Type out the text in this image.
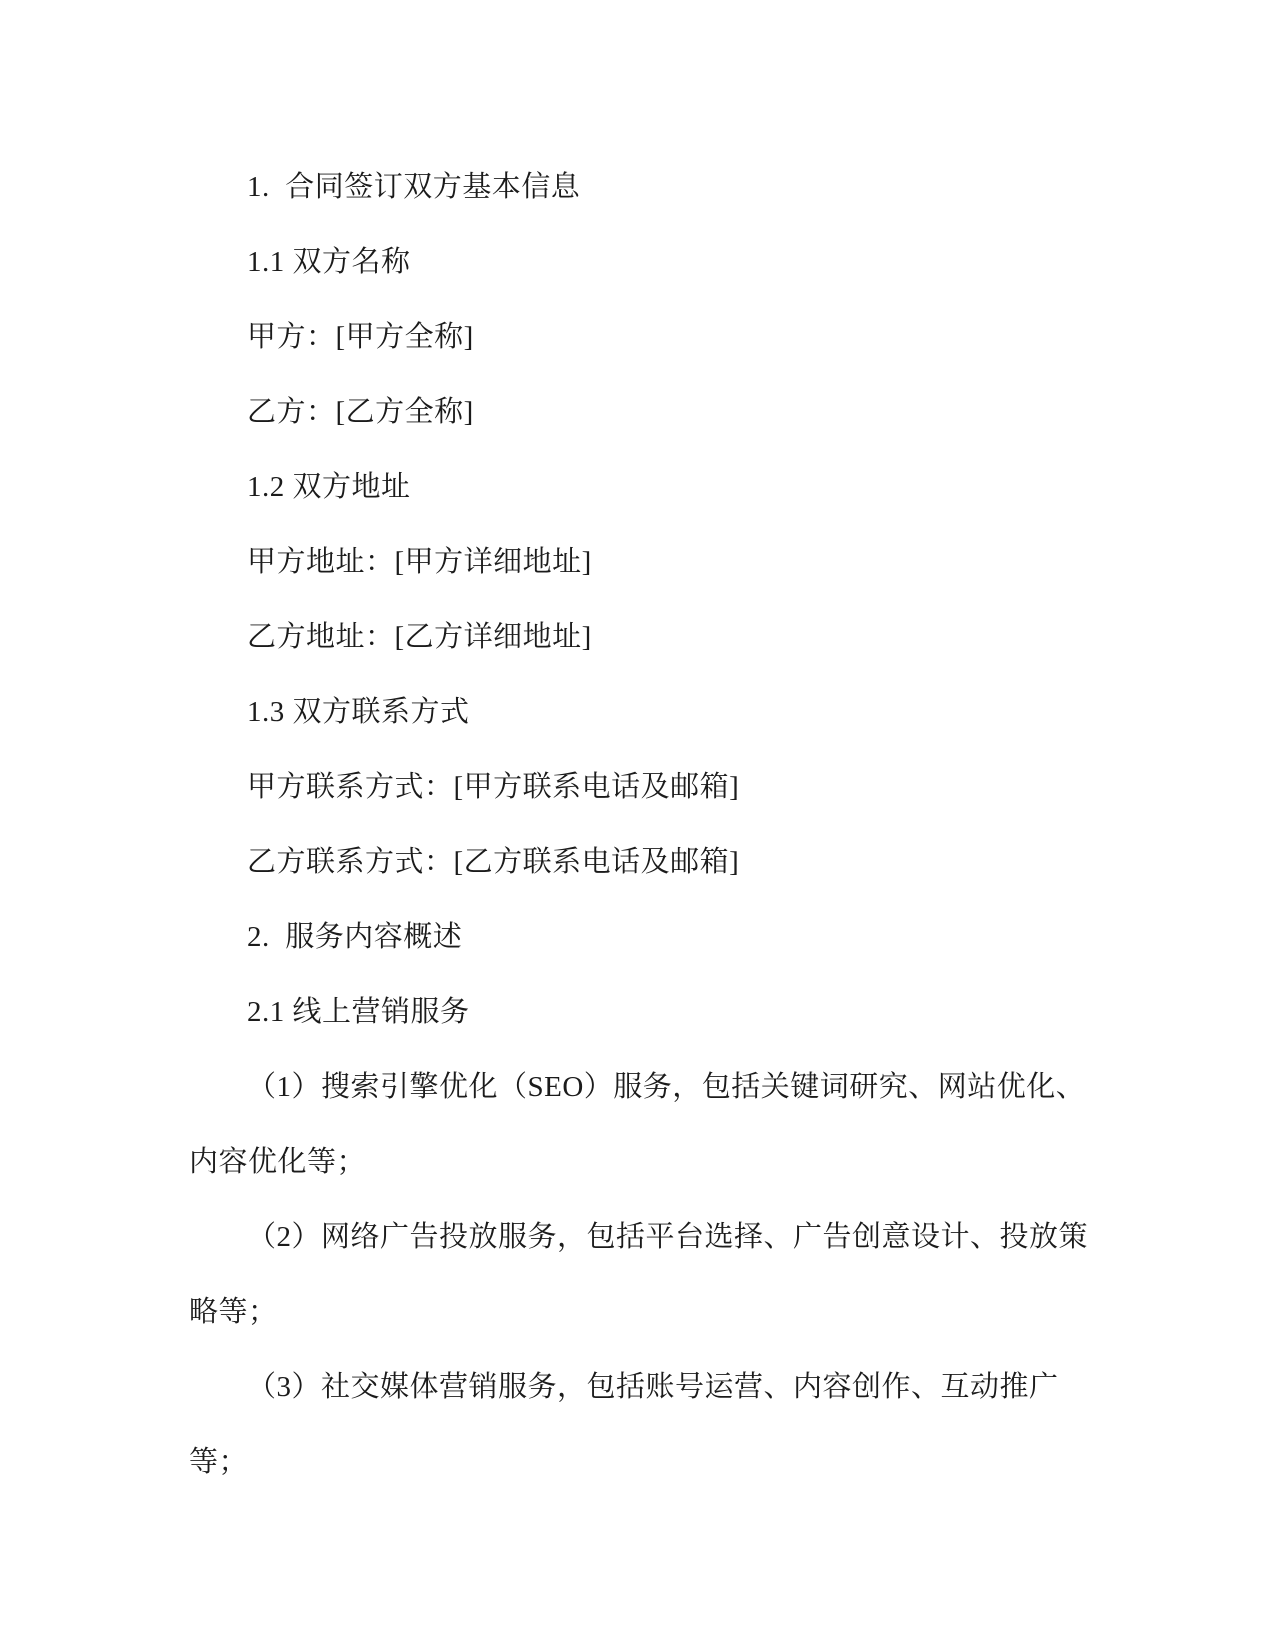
1.  合同签订双方基本信息
1.1 双方名称
甲方：[甲方全称]
乙方：[乙方全称]
1.2 双方地址
甲方地址：[甲方详细地址]
乙方地址：[乙方详细地址]
1.3 双方联系方式
甲方联系方式：[甲方联系电话及邮箱]
乙方联系方式：[乙方联系电话及邮箱]
2.  服务内容概述
2.1 线上营销服务
（1）搜索引擎优化（SEO）服务，包括关键词研究、网站优化、
内容优化等；
（2）网络广告投放服务，包括平台选择、广告创意设计、投放策
略等；
（3）社交媒体营销服务，包括账号运营、内容创作、互动推广
等；
